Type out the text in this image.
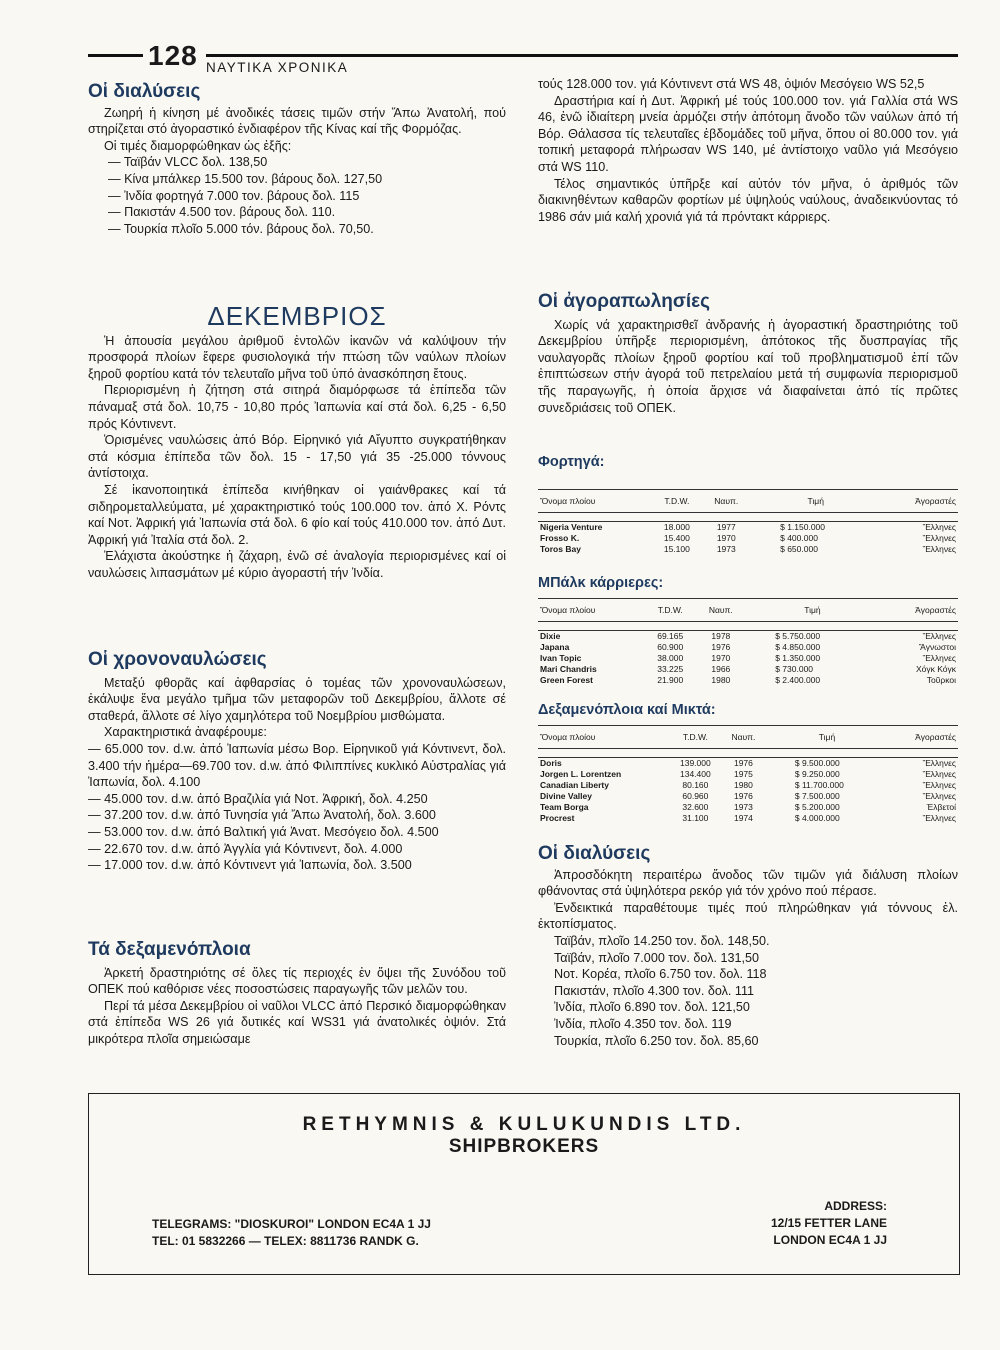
128 ΝΑΥΤΙΚΑ ΧΡΟΝΙΚΑ
Οἱ διαλύσεις
Ζωηρή ἡ κίνηση μέ ἀνοδικές τάσεις τιμῶν στήν Ἄπω Ἀνατολή, πού στηρίζεται στό ἀγοραστικό ἐνδιαφέρον τῆς Κίνας καί τῆς Φορμόζας.
Οἱ τιμές διαμορφώθηκαν ὡς ἑξῆς:
— Ταϊβάν VLCC δολ. 138,50
— Κίνα μπάλκερ 15.500 τον. βάρους δολ. 127,50
— Ἰνδία φορτηγά 7.000 τον. βάρους δολ. 115
— Πακιστάν 4.500 τον. βάρους δολ. 110.
— Τουρκία πλοῖο 5.000 τόν. βάρους δολ. 70,50.
ΔΕΚΕΜΒΡΙΟΣ
Ἡ ἀπουσία μεγάλου ἀριθμοῦ ἐντολῶν ἱκανῶν νά καλύψουν τήν προσφορά πλοίων ἔφερε φυσιολογικά τήν πτώση τῶν ναύλων πλοίων ξηροῦ φορτίου κατά τόν τελευταῖο μῆνα τοῦ ὑπό ἀνασκόπηση ἔτους.
Περιορισμένη ἡ ζήτηση στά σιτηρά διαμόρφωσε τά ἐπίπεδα τῶν πάναμαξ στά δολ. 10,75 - 10,80 πρός Ἰαπωνία καί στά δολ. 6,25 - 6,50 πρός Κόντινεντ.
Ὁρισμένες ναυλώσεις ἀπό Βόρ. Εἰρηνικό γιά Αἴγυπτο συγκρατήθηκαν στά κόσμια ἐπίπεδα τῶν δολ. 15 - 17,50 γιά 35 -25.000 τόννους ἀντίστοιχα.
Σέ ἱκανοποιητικά ἐπίπεδα κινήθηκαν οἱ γαιάνθρακες καί τά σιδηρομεταλλεύματα, μέ χαρακτηριστικό τούς 100.000 τον. ἀπό Χ. Ρόντς καί Νοτ. Ἀφρική γιά Ἰαπωνία στά δολ. 6 φίο καί τούς 410.000 τον. ἀπό Δυτ. Ἀφρική γιά Ἰταλία στά δολ. 2.
Ἐλάχιστα ἀκούστηκε ἡ ζάχαρη, ἐνῶ σέ ἀναλογία περιορισμένες καί οἱ ναυλώσεις λιπασμάτων μέ κύριο ἀγοραστή τήν Ἰνδία.
Οἱ χρονοναυλώσεις
Μεταξύ φθορᾶς καί ἀφθαρσίας ὁ τομέας τῶν χρονοναυλώσεων, ἐκάλυψε ἕνα μεγάλο τμῆμα τῶν μεταφορῶν τοῦ Δεκεμβρίου, ἄλλοτε σέ σταθερά, ἄλλοτε σέ λίγο χαμηλότερα τοῦ Νοεμβρίου μισθώματα.
Χαρακτηριστικά ἀναφέρουμε:
— 65.000 τον. d.w. ἀπό Ἰαπωνία μέσω Βορ. Εἰρηνικοῦ γιά Κόντινεντ, δολ. 3.400 τήν ἡμέρα—69.700 τον. d.w. ἀπό Φιλιππίνες κυκλικό Αὐστραλίας γιά Ἰαπωνία, δολ. 4.100
— 45.000 τον. d.w. ἀπό Βραζιλία γιά Νοτ. Ἀφρική, δολ. 4.250
— 37.200 τον. d.w. ἀπό Τυνησία γιά Ἄπω Ἀνατολή, δολ. 3.600
— 53.000 τον. d.w. ἀπό Βαλτική γιά Ἀνατ. Μεσόγειο δολ. 4.500
— 22.670 τον. d.w. ἀπό Ἀγγλία γιά Κόντινεντ, δολ. 4.000
— 17.000 τον. d.w. ἀπό Κόντινεντ γιά Ἰαπωνία, δολ. 3.500
Τά δεξαμενόπλοια
Ἀρκετή δραστηριότης σέ ὅλες τίς περιοχές ἐν ὄψει τῆς Συνόδου τοῦ ΟΠΕΚ πού καθόρισε νέες ποσοστώσεις παραγωγῆς τῶν μελῶν του.
Περί τά μέσα Δεκεμβρίου οἱ ναῦλοι VLCC ἀπό Περσικό διαμορφώθηκαν στά ἐπίπεδα WS 26 γιά δυτικές καί WS31 γιά ἀνατολικές ὀψιόν. Στά μικρότερα πλοῖα σημειώσαμε
τούς 128.000 τον. γιά Κόντινεντ στά WS 48, ὀψιόν Μεσόγειο WS 52,5
Δραστήρια καί ἡ Δυτ. Ἀφρική μέ τούς 100.000 τον. γιά Γαλλία στά WS 46, ἐνῶ ἰδιαίτερη μνεία ἁρμόζει στήν ἀπότομη ἄνοδο τῶν ναύλων ἀπό τή Βόρ. Θάλασσα τίς τελευταῖες ἑβδομάδες τοῦ μῆνα, ὅπου οἱ 80.000 τον. γιά τοπική μεταφορά πλήρωσαν WS 140, μέ ἀντίστοιχο ναῦλο γιά Μεσόγειο στά WS 110.
Τέλος σημαντικός ὑπῆρξε καί αὐτόν τόν μῆνα, ὁ ἀριθμός τῶν διακινηθέντων καθαρῶν φορτίων μέ ὑψηλούς ναύλους, ἀναδεικνύοντας τό 1986 σάν μιά καλή χρονιά γιά τά πρόντακτ κάρριερς.
Οἱ ἀγοραπωλησίες
Χωρίς νά χαρακτηρισθεῖ ἀνδρανής ἡ ἀγοραστική δραστηριότης τοῦ Δεκεμβρίου ὑπῆρξε περιορισμένη, ἀπότοκος τῆς δυσπραγίας τῆς ναυλαγορᾶς πλοίων ξηροῦ φορτίου καί τοῦ προβληματισμοῦ ἐπί τῶν ἐπιπτώσεων στήν ἀγορά τοῦ πετρελαίου μετά τή συμφωνία περιορισμοῦ τῆς παραγωγῆς, ἡ ὁποία ἄρχισε νά διαφαίνεται ἀπό τίς πρῶτες συνεδριάσεις τοῦ ΟΠΕΚ.
Φορτηγά:
Ὄνομα πλοίου	T.D.W.	Ναυπ.	Τιμή	Ἀγοραστές

Nigeria Venture	18.000	1977	$ 1.150.000	Ἕλληνες
Frosso K.	15.400	1970	$ 400.000	Ἕλληνες
Toros Bay	15.100	1973	$ 650.000	Ἕλληνες
ΜΠάλκ κάρριερες:
Ὄνομα πλοίου	T.D.W.	Ναυπ.	Τιμή	Ἀγοραστές

Dixie	69.165	1978	$ 5.750.000	Ἕλληνες
Japana	60.900	1976	$ 4.850.000	Ἄγνωστοι
Ivan Topic	38.000	1970	$ 1.350.000	Ἕλληνες
Mari Chandris	33.225	1966	$ 730.000	Χόγκ Κόγκ
Green Forest	21.900	1980	$ 2.400.000	Τοῦρκοι
Δεξαμενόπλοια καί Μικτά:
Ὄνομα πλοίου	T.D.W.	Ναυπ.	Τιμή	Ἀγοραστές

Doris	139.000	1976	$ 9.500.000	Ἕλληνες
Jorgen L. Lorentzen	134.400	1975	$ 9.250.000	Ἕλληνες
Canadian Liberty	80.160	1980	$ 11.700.000	Ἕλληνες
Divine Valley	60.960	1976	$ 7.500.000	Ἕλληνες
Team Borga	32.600	1973	$ 5.200.000	Ἑλβετοί
Procrest	31.100	1974	$ 4.000.000	Ἕλληνες
Οἱ διαλύσεις
Ἀπροσδόκητη περαιτέρω ἄνοδος τῶν τιμῶν γιά διάλυση πλοίων φθάνοντας στά ὑψηλότερα ρεκόρ γιά τόν χρόνο πού πέρασε.
Ἐνδεικτικά παραθέτουμε τιμές πού πληρώθηκαν γιά τόννους ἐλ. ἐκτοπίσματος.
Ταϊβάν, πλοῖο 14.250 τον. δολ. 148,50.
Ταϊβάν, πλοῖο 7.000 τον. δολ. 131,50
Νοτ. Κορέα, πλοῖο 6.750 τον. δολ. 118
Πακιστάν, πλοῖο 4.300 τον. δολ. 111
Ἰνδία, πλοῖο 6.890 τον. δολ. 121,50
Ἰνδία, πλοῖο 4.350 τον. δολ. 119
Τουρκία, πλοῖο 6.250 τον. δολ. 85,60
RETHYMNIS & KULUKUNDIS LTD.
SHIPBROKERS
TELEGRAMS: "DIOSKUROI" LONDON EC4A 1 JJ
TEL: 01 5832266 — TELEX: 8811736 RANDK G.
ADDRESS:
12/15 FETTER LANE
LONDON EC4A 1 JJ
